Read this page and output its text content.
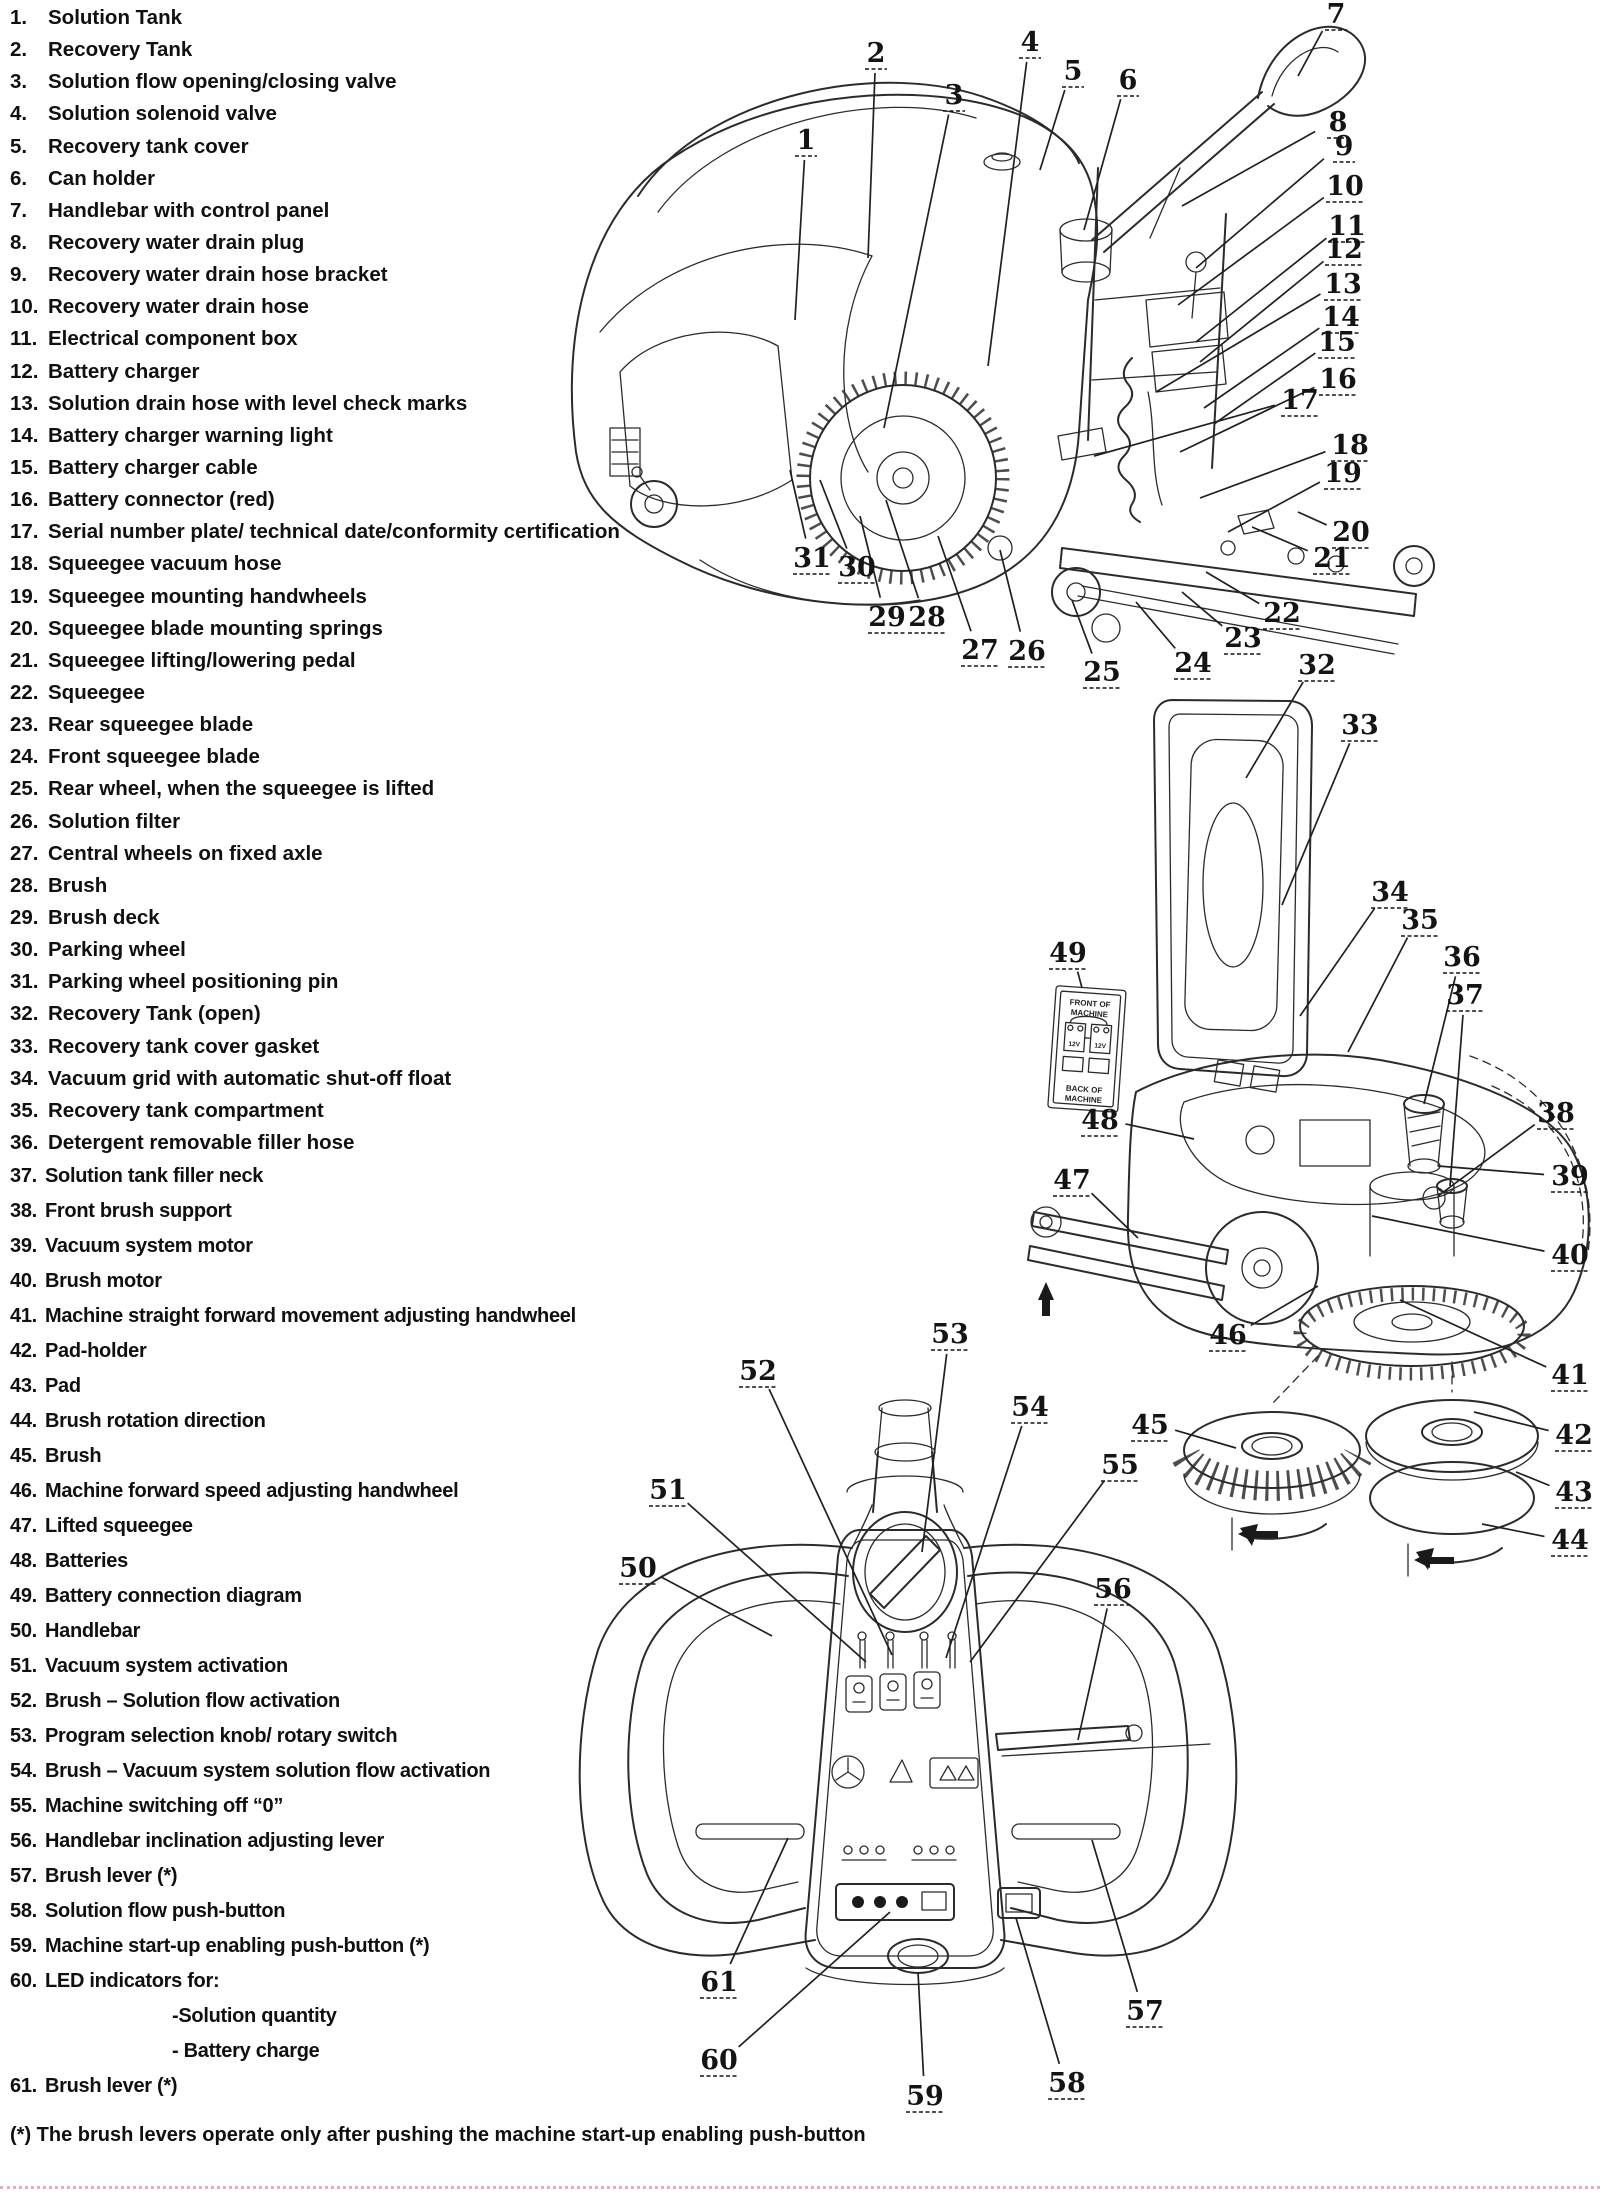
1.	Solution Tank
2.	Recovery Tank
3.	Solution flow opening/closing valve
4.	Solution solenoid valve
5.	Recovery tank cover
6.	Can holder
7.	Handlebar with control panel
8.	Recovery water drain plug
9.	Recovery water drain hose bracket
10. Recovery water drain hose
11. Electrical component box
12. Battery charger
13. Solution drain hose with level check marks
14. Battery charger warning light
15. Battery charger cable
16. Battery connector (red)
17. Serial number plate/ technical date/conformity certification
18. Squeegee vacuum hose
19. Squeegee mounting handwheels
20. Squeegee blade mounting springs
21. Squeegee lifting/lowering pedal
22. Squeegee
23. Rear squeegee blade
24. Front squeegee blade
25. Rear wheel, when the squeegee is lifted
26. Solution filter
27. Central wheels on fixed axle
28. Brush
29. Brush deck
30. Parking wheel
31. Parking wheel positioning pin
32. Recovery Tank (open)
33. Recovery tank cover gasket
34. Vacuum grid with automatic shut-off float
35. Recovery tank compartment
36. Detergent removable filler hose
37. Solution tank filler neck
38. Front brush support
39. Vacuum system motor
40. Brush motor
41. Machine straight forward movement adjusting handwheel
42. Pad-holder
43. Pad
44. Brush rotation direction
45. Brush
46. Machine forward speed adjusting handwheel
47. Lifted squeegee
48. Batteries
49. Battery connection diagram
50. Handlebar
51. Vacuum system activation
52. Brush – Solution flow activation
53. Program selection knob/ rotary switch
54. Brush – Vacuum system solution flow activation
55. Machine switching off “0”
56. Handlebar inclination adjusting lever
57. Brush lever (*)
58. Solution flow push-button
59. Machine start-up enabling push-button (*)
60. LED indicators for:
-Solution quantity
- Battery charge
61. Brush lever (*)
(*) The brush levers operate only after pushing the machine start-up enabling push-button
1
2
3
4
5 6
7
8
9
10
11
12
13
14
15
16
17
18
19
20
21
22
23
24
25
26
27
28
29
30
31
32
FRONT OF
MACHINE
12V 12V
BACK OF
MACHINE
33
34
35
36
37
38
39
40
41
42
43
44
45
46
47
48
49
50
51
52
53
54
55
56
57
58
59
60
61
